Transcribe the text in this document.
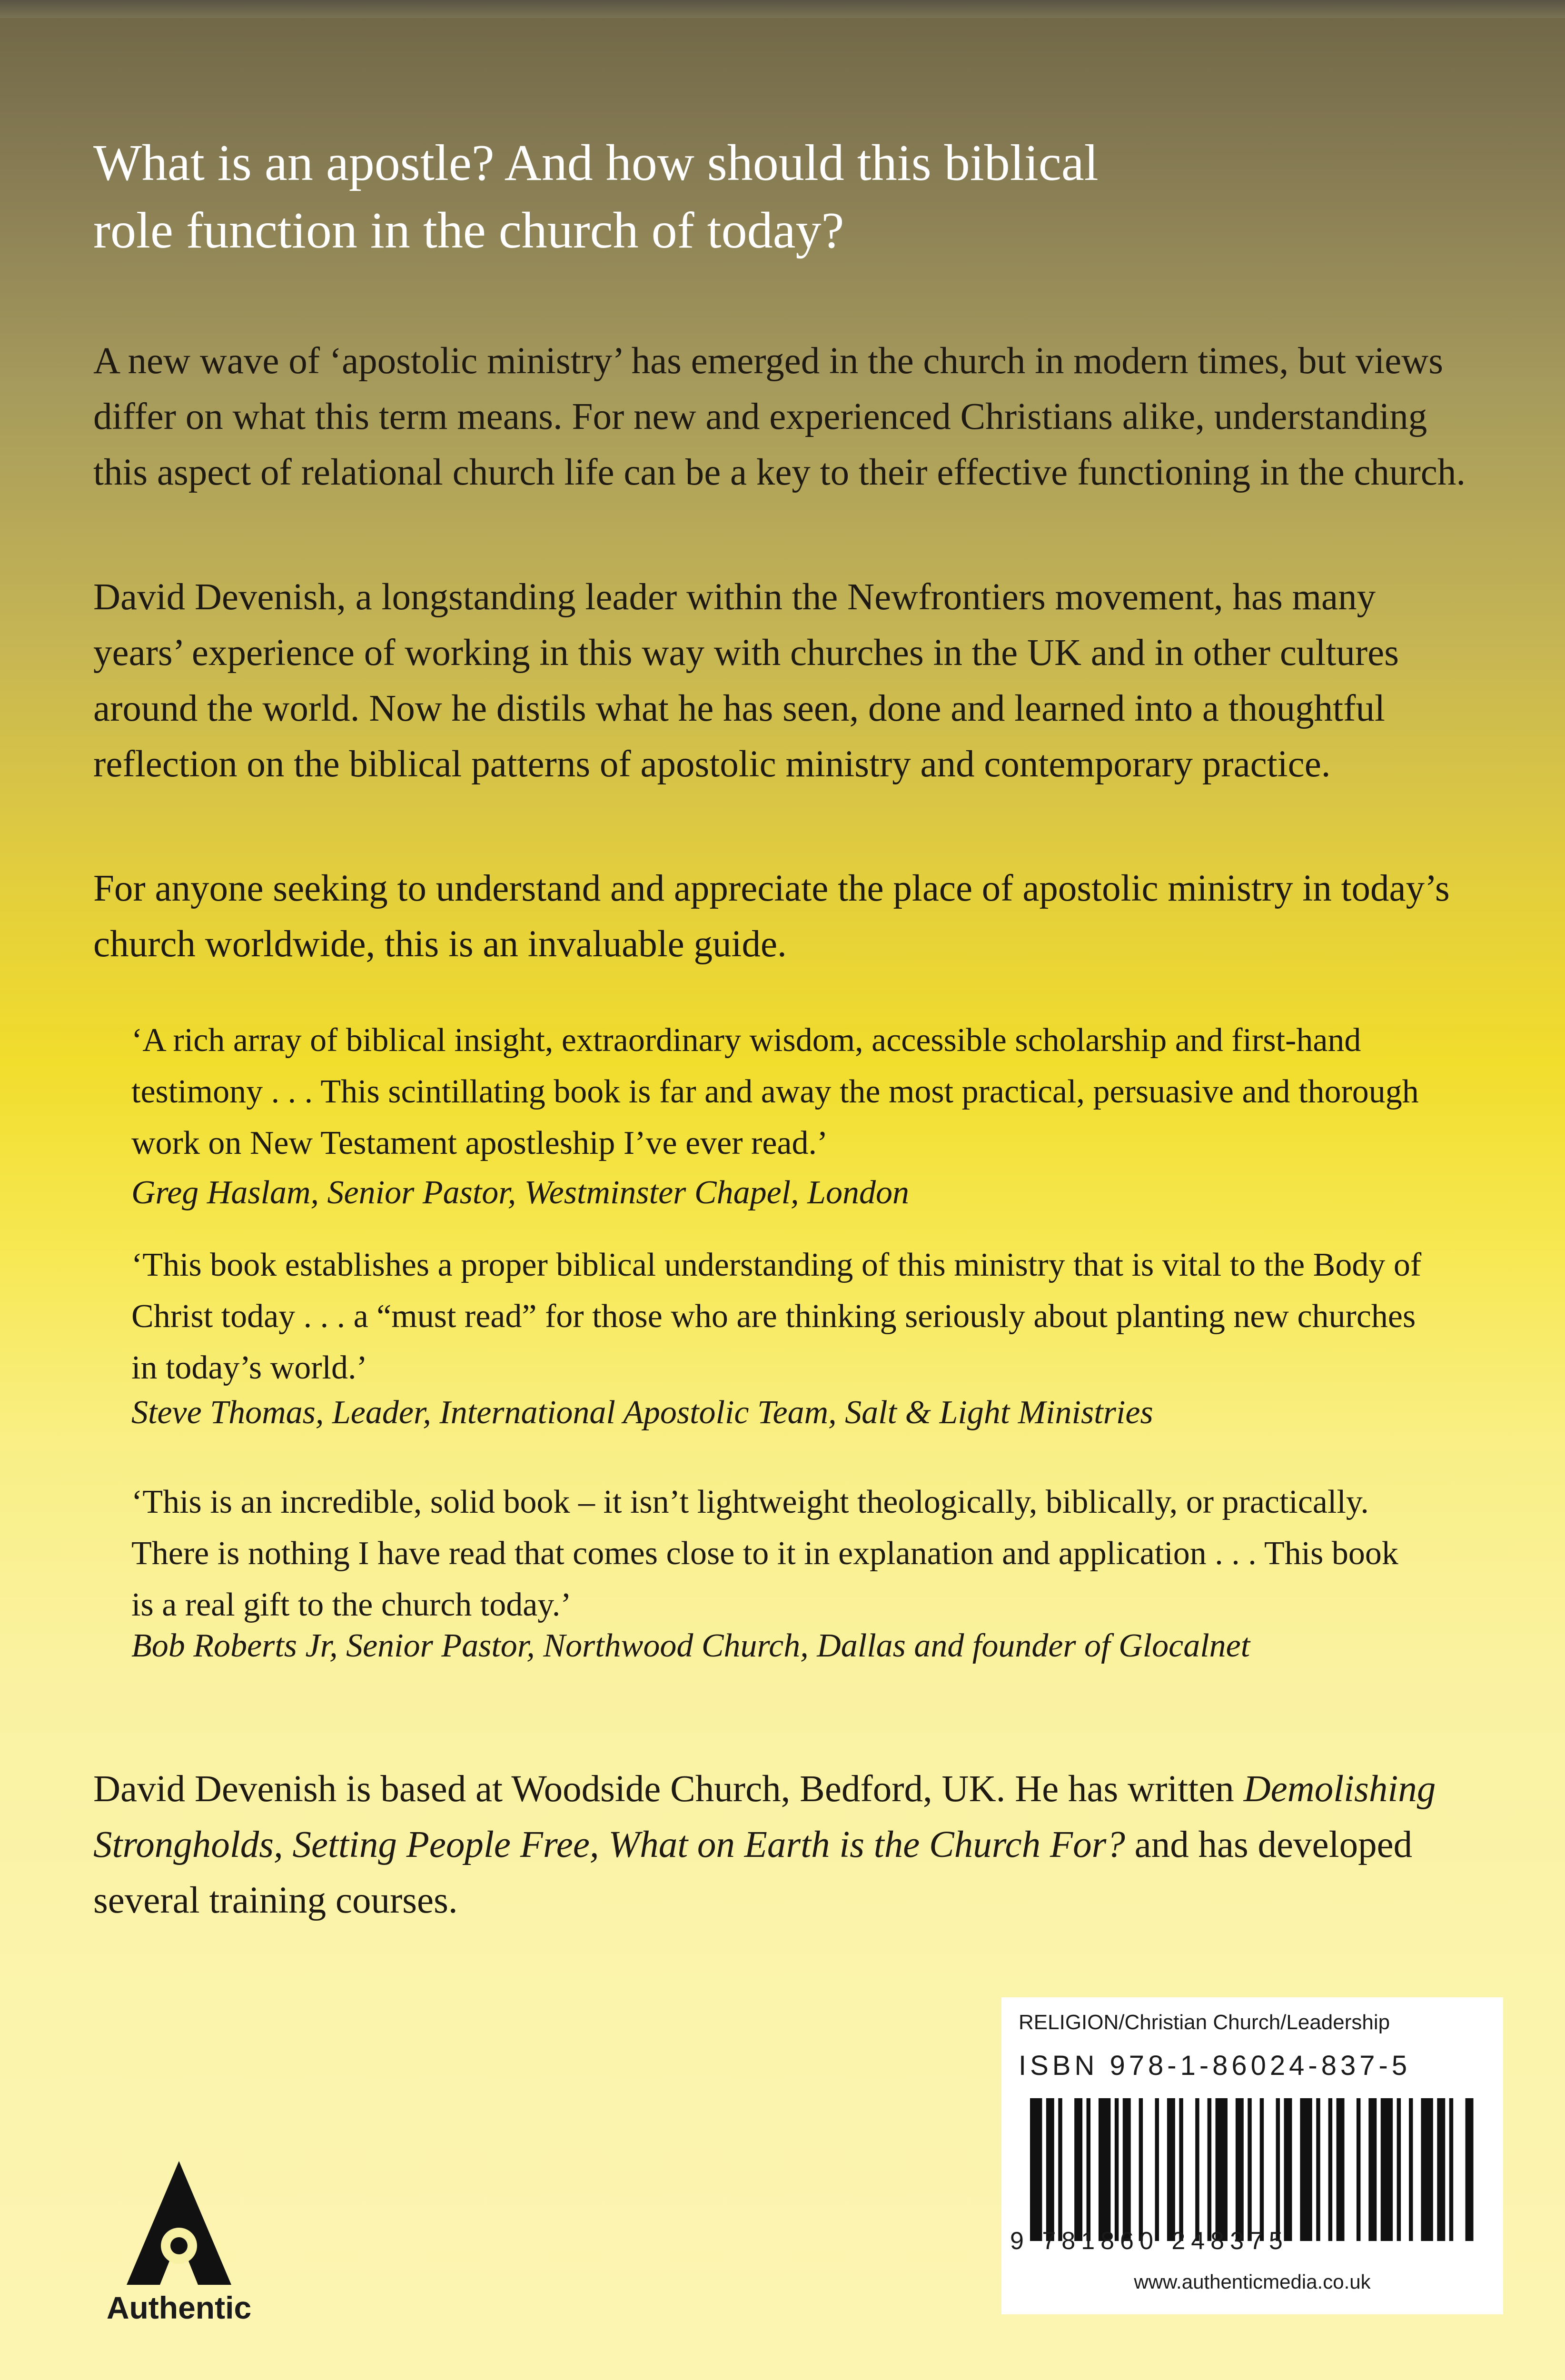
What is an apostle? And how should this biblical
role function in the church of today?

A new wave of ‘apostolic ministry’ has emerged in the church in modern times, but views differ on what this term means. For new and experienced Christians alike, understanding this aspect of relational church life can be a key to their effective functioning in the church.

David Devenish, a longstanding leader within the Newfrontiers movement, has many years’ experience of working in this way with churches in the UK and in other cultures around the world. Now he distils what he has seen, done and learned into a thoughtful reflection on the biblical patterns of apostolic ministry and contemporary practice.

For anyone seeking to understand and appreciate the place of apostolic ministry in today’s church worldwide, this is an invaluable guide.

‘A rich array of biblical insight, extraordinary wisdom, accessible scholarship and first-hand testimony . . . This scintillating book is far and away the most practical, persuasive and thorough work on New Testament apostleship I’ve ever read.’

Greg Haslam, Senior Pastor, Westminster Chapel, London

‘This book establishes a proper biblical understanding of this ministry that is vital to the Body of Christ today . . . a “must read” for those who are thinking seriously about planting new churches in today’s world.’

Steve Thomas, Leader, International Apostolic Team, Salt & Light Ministries

‘This is an incredible, solid book – it isn’t lightweight theologically, biblically, or practically. There is nothing I have read that comes close to it in explanation and application . . . This book is a real gift to the church today.’

Bob Roberts Jr, Senior Pastor, Northwood Church, Dallas and founder of Glocalnet

David Devenish is based at Woodside Church, Bedford, UK. He has written Demolishing Strongholds, Setting People Free, What on Earth is the Church For? and has developed several training courses.

RELIGION/Christian Church/Leadership
ISBN 978-1-86024-837-5
9 781860 248375
www.authenticmedia.co.uk
Authentic
